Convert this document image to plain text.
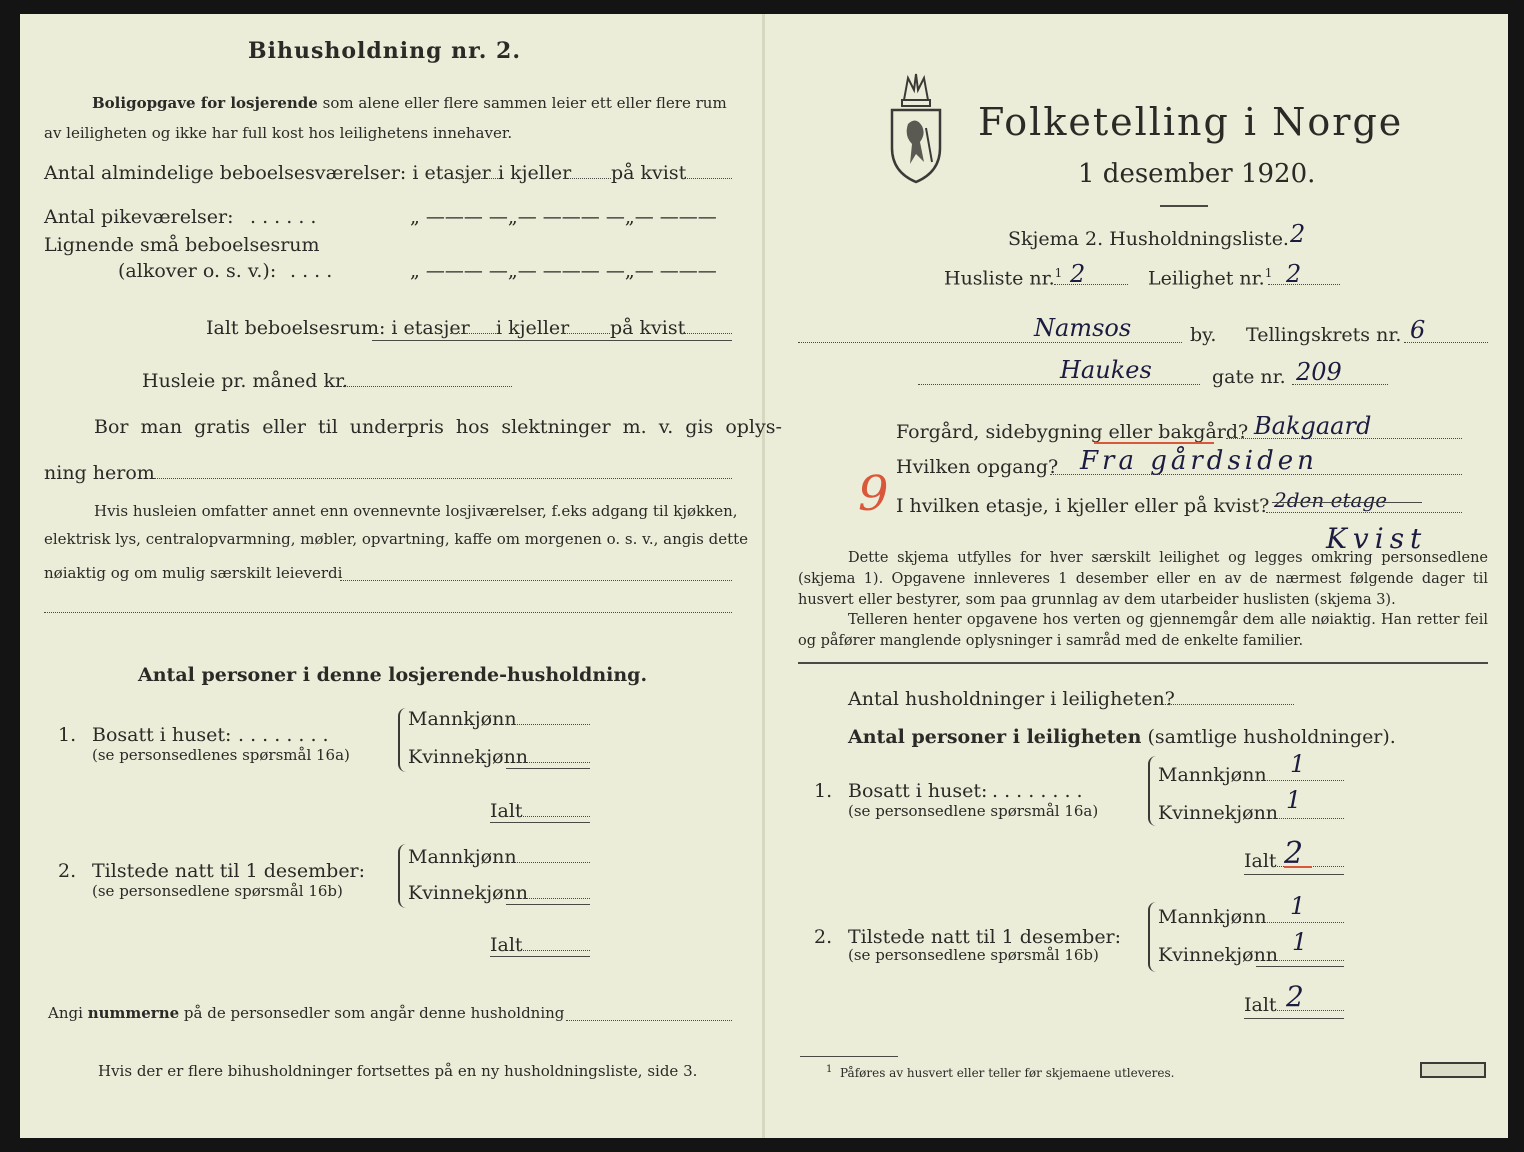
Bihusholdning nr. 2.
Boligopgave for losjerende som alene eller flere sammen leier ett eller flere rum
av leiligheten og ikke har full kost hos leilighetens innehaver.
Antal almindelige beboelsesværelser: i etasjer i kjeller på kvist
Antal pikeværelser: . . . . . .	„ ——— —„— ——— —„— ———
Lignende små beboelsesrum
(alkover o. s. v.): . . . .	„ ——— —„— ——— —„— ———
Ialt beboelsesrum: i etasjer i kjeller på kvist
Husleie pr. måned kr.
Bor man gratis eller til underpris hos slektninger m. v. gis oplys-
ning herom
Hvis husleien omfatter annet enn ovennevnte losjiværelser, f.eks adgang til kjøkken,
elektrisk lys, centralopvarmning, møbler, opvartning, kaffe om morgenen o. s. v., angis dette
nøiaktig og om mulig særskilt leieverdi
Antal personer i denne losjerende-husholdning.
1. Bosatt i huset: . . . . . . . .
(se personsedlenes spørsmål 16a)
Mannkjønn
Kvinnekjønn
Ialt
2. Tilstede natt til 1 desember:
(se personsedlene spørsmål 16b)
Mannkjønn
Kvinnekjønn
Ialt
Angi nummerne på de personsedler som angår denne husholdning
Hvis der er flere bihusholdninger fortsettes på en ny husholdningsliste, side 3.
Folketelling i Norge
1 desember 1920.
Skjema 2. Husholdningsliste. 2
Husliste nr.$^1$ 2	Leilighet nr.$^1$ 2
Namsos	by. Tellingskrets nr. 6
Haukes	gate nr. 209
Forgård, sidebygning eller bakgård? Bakgaard
9 Hvilken opgang? Fra gårdsiden
I hvilken etasje, i kjeller eller på kvist? 2den etage
Kvist
Dette skjema utfylles for hver særskilt leilighet og legges omkring personsedlene (skjema 1). Opgavene innleveres 1 desember eller en av de nærmest følgende dager til husvert eller bestyrer, som paa grunnlag av dem utarbeider huslisten (skjema 3).
Telleren henter opgavene hos verten og gjennemgår dem alle nøiaktig. Han retter feil og påfører manglende oplysninger i samråd med de enkelte familier.
Antal husholdninger i leiligheten?
Antal personer i leiligheten (samtlige husholdninger).
1. Bosatt i huset: . . . . . . . .
(se personsedlene spørsmål 16a)
Mannkjønn 1
Kvinnekjønn 1
Ialt 2
2. Tilstede natt til 1 desember:
(se personsedlene spørsmål 16b)
Mannkjønn 1
Kvinnekjønn 1
Ialt 2
$^1$ Påføres av husvert eller teller før skjemaene utleveres.
